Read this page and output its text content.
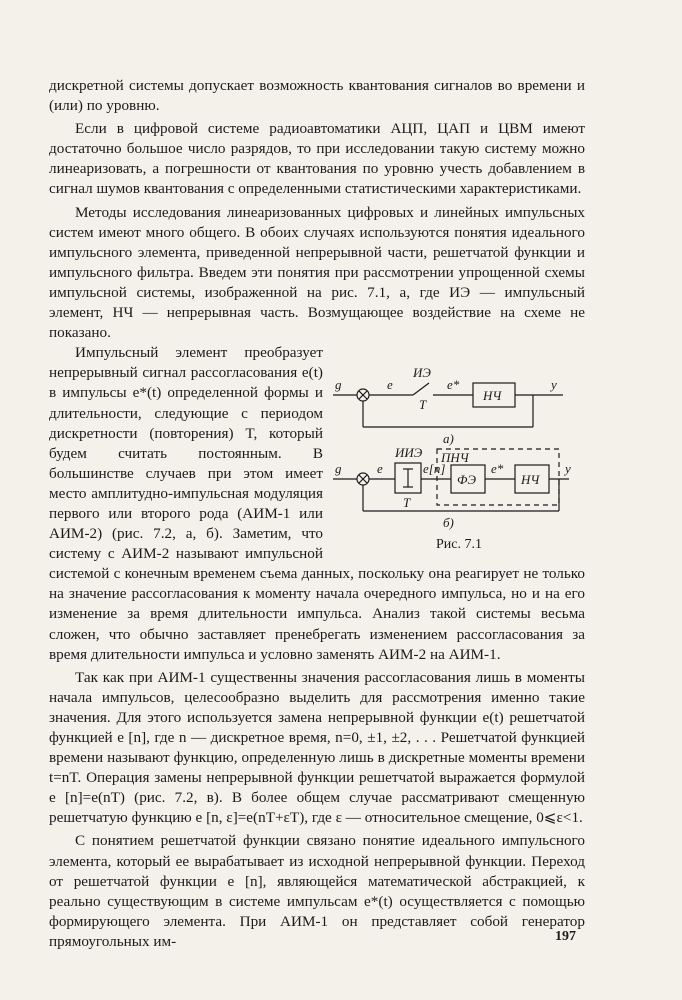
дискретной системы допускает возможность квантования сигналов во времени и (или) по уровню.

Если в цифровой системе радиоавтоматики АЦП, ЦАП и ЦВМ имеют достаточно большое число разрядов, то при исследовании такую систему можно линеаризовать, а погрешности от квантования по уровню учесть добавлением в сигнал шумов квантования с определенными статистическими характеристиками.

Методы исследования линеаризованных цифровых и линейных импульсных систем имеют много общего. В обоих случаях используются понятия идеального импульсного элемента, приведенной непрерывной части, решетчатой функции и импульсного фильтра. Введем эти понятия при рассмотрении упрощенной схемы импульсной системы, изображенной на рис. 7.1, а, где ИЭ — импульсный элемент, НЧ — непрерывная часть. Возмущающее воздействие на схеме не показано.

g	e
ИЭ
T
e*
НЧ
y
а)
g	e
ИИЭ
T
e[n]
ПНЧ
ФЭ
e*
НЧ
y
б)
Рис. 7.1

Импульсный элемент преобразует непрерывный сигнал рассогласования e(t) в импульсы e*(t) определенной формы и длительности, следующие с периодом дискретности (повторения) T, который будем считать постоянным. В большинстве случаев при этом имеет место амплитудно-импульсная модуляция первого или второго рода (АИМ-1 или АИМ-2) (рис. 7.2, а, б). Заметим, что систему с АИМ-2 называют импульсной системой с конечным временем съема данных, поскольку она реагирует не только на значение рассогласования к моменту начала очередного импульса, но и на его изменение за время длительности импульса. Анализ такой системы весьма сложен, что обычно заставляет пренебрегать изменением рассогласования за время длительности импульса и условно заменять АИМ-2 на АИМ-1.

Так как при АИМ-1 существенны значения рассогласования лишь в моменты начала импульсов, целесообразно выделить для рассмотрения именно такие значения. Для этого используется замена непрерывной функции e(t) решетчатой функцией e [n], где n — дискретное время, n=0, ±1, ±2, . . . Решетчатой функцией времени называют функцию, определенную лишь в дискретные моменты времени t=nT. Операция замены непрерывной функции решетчатой выражается формулой e [n]=e(nT) (рис. 7.2, в). В более общем случае рассматривают смещенную решетчатую функцию e [n, ε]=e(nT+εT), где ε — относительное смещение, 0⩽ε<1.

С понятием решетчатой функции связано понятие идеального импульсного элемента, который ее вырабатывает из исходной непрерывной функции. Переход от решетчатой функции e [n], являющейся математической абстракцией, к реально существующим в системе импульсам e*(t) осуществляется с помощью формирующего элемента. При АИМ-1 он представляет собой генератор прямоугольных им-	197
